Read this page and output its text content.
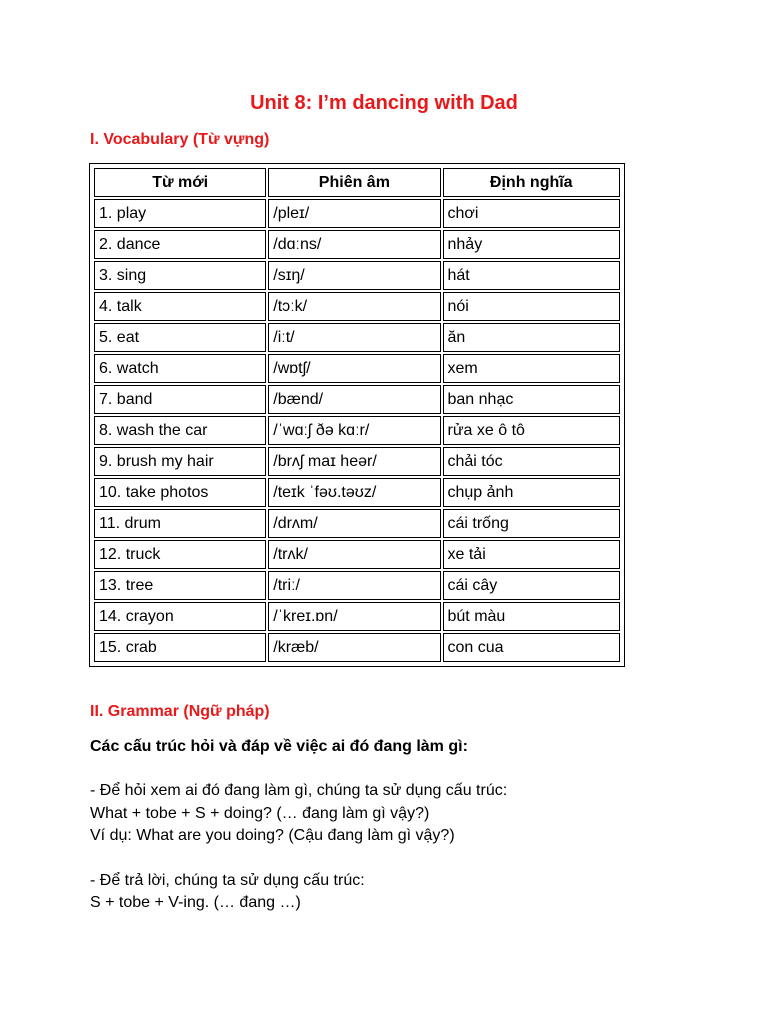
Unit 8: I’m dancing with Dad
I. Vocabulary (Từ vựng)
Từ mới	Phiên âm	Định nghĩa
1. play	/pleɪ/	chơi
2. dance	/dɑːns/	nhảy
3. sing	/sɪŋ/	hát
4. talk	/tɔːk/	nói
5. eat	/iːt/	ăn
6. watch	/wɒtʃ/	xem
7. band	/bænd/	ban nhạc
8. wash the car	/ˈwɑːʃ ðə kɑːr/	rửa xe ô tô
9. brush my hair	/brʌʃ maɪ heər/	chải tóc
10. take photos	/teɪk ˈfəʊ.təʊz/	chụp ảnh
11. drum	/drʌm/	cái trống
12. truck	/trʌk/	xe tải
13. tree	/triː/	cái cây
14. crayon	/ˈkreɪ.ɒn/	bút màu
15. crab	/kræb/	con cua
II. Grammar (Ngữ pháp)
Các cấu trúc hỏi và đáp về việc ai đó đang làm gì:
- Để hỏi xem ai đó đang làm gì, chúng ta sử dụng cấu trúc:
What + tobe + S + doing? (… đang làm gì vậy?)
Ví dụ: What are you doing? (Cậu đang làm gì vậy?)
- Để trả lời, chúng ta sử dụng cấu trúc:
S + tobe + V-ing. (… đang …)
